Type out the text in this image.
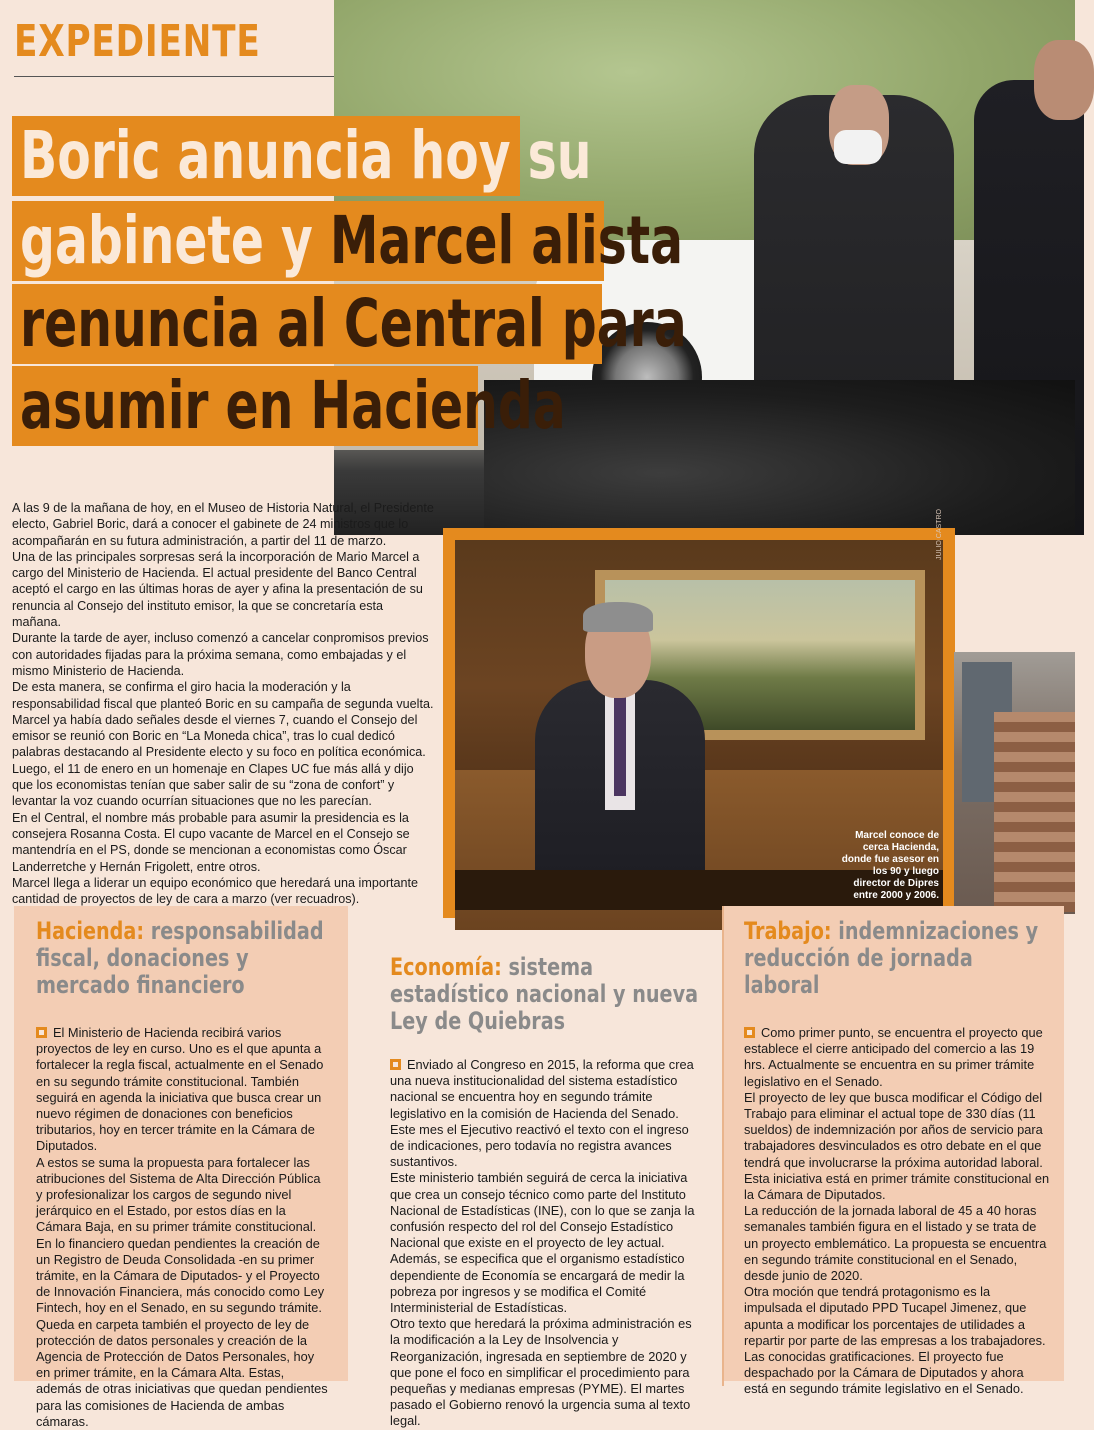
EXPEDIENTE
Boric anuncia hoy su
gabinete y Marcel alista
renuncia al Central para
asumir en Hacienda

A las 9 de la mañana de hoy, en el Museo de Historia Natural, el Presidente electo, Gabriel Boric, dará a conocer el gabinete de 24 ministros que lo acompañarán en su futura administración, a partir del 11 de marzo.

Una de las principales sorpresas será la incorporación de Mario Marcel a cargo del Ministerio de Hacienda. El actual presidente del Banco Central aceptó el cargo en las últimas horas de ayer y afina la presentación de su renuncia al Consejo del instituto emisor, la que se concretaría esta mañana.

Durante la tarde de ayer, incluso comenzó a cancelar conpromisos previos con autoridades fijadas para la próxima semana, como embajadas y el mismo Ministerio de Hacienda.

De esta manera, se confirma el giro hacia la moderación y la responsabilidad fiscal que planteó Boric en su campaña de segunda vuelta.

Marcel ya había dado señales desde el viernes 7, cuando el Consejo del emisor se reunió con Boric en “La Moneda chica”, tras lo cual dedicó palabras destacando al Presidente electo y su foco en política económica.

Luego, el 11 de enero en un homenaje en Clapes UC fue más allá y dijo que los economistas tenían que saber salir de su “zona de confort” y levantar la voz cuando ocurrían situaciones que no les parecían.

En el Central, el nombre más probable para asumir la presidencia es la consejera Rosanna Costa. El cupo vacante de Marcel en el Consejo se mantendría en el PS, donde se mencionan a economistas como Óscar Landerretche y Hernán Frigolett, entre otros.

Marcel llega a liderar un equipo económico que heredará una importante cantidad de proyectos de ley de cara a marzo (ver recuadros).

Marcel conoce de cerca Hacienda, donde fue asesor en los 90 y luego director de Dipres entre 2000 y 2006.
JULIO CASTRO
Hacienda: responsabilidad fiscal, donaciones y mercado financiero

El Ministerio de Hacienda recibirá varios proyectos de ley en curso. Uno es el que apunta a fortalecer la regla fiscal, actualmente en el Senado en su segundo trámite constitucional. También seguirá en agenda la iniciativa que busca crear un nuevo régimen de donaciones con beneficios tributarios, hoy en tercer trámite en la Cámara de Diputados.

A estos se suma la propuesta para fortalecer las atribuciones del Sistema de Alta Dirección Pública y profesionalizar los cargos de segundo nivel jerárquico en el Estado, por estos días en la Cámara Baja, en su primer trámite constitucional.

En lo financiero quedan pendientes la creación de un Registro de Deuda Consolidada -en su primer trámite, en la Cámara de Diputados- y el Proyecto de Innovación Financiera, más conocido como Ley Fintech, hoy en el Senado, en su segundo trámite.

Queda en carpeta también el proyecto de ley de protección de datos personales y creación de la Agencia de Protección de Datos Personales, hoy en primer trámite, en la Cámara Alta. Estas, además de otras iniciativas que quedan pendientes para las comisiones de Hacienda de ambas cámaras.

Economía: sistema estadístico nacional y nueva Ley de Quiebras

Enviado al Congreso en 2015, la reforma que crea una nueva institucionalidad del sistema estadístico nacional se encuentra hoy en segundo trámite legislativo en la comisión de Hacienda del Senado. Este mes el Ejecutivo reactivó el texto con el ingreso de indicaciones, pero todavía no registra avances sustantivos.

Este ministerio también seguirá de cerca la iniciativa que crea un consejo técnico como parte del Instituto Nacional de Estadísticas (INE), con lo que se zanja la confusión respecto del rol del Consejo Estadístico Nacional que existe en el proyecto de ley actual. Además, se especifica que el organismo estadístico dependiente de Economía se encargará de medir la pobreza por ingresos y se modifica el Comité Interministerial de Estadísticas.

Otro texto que heredará la próxima administración es la modificación a la Ley de Insolvencia y Reorganización, ingresada en septiembre de 2020 y que pone el foco en simplificar el procedimiento para pequeñas y medianas empresas (PYME). El martes pasado el Gobierno renovó la urgencia suma al texto legal.

Trabajo: indemnizaciones y reducción de jornada laboral

Como primer punto, se encuentra el proyecto que establece el cierre anticipado del comercio a las 19 hrs. Actualmente se encuentra en su primer trámite legislativo en el Senado.

El proyecto de ley que busca modificar el Código del Trabajo para eliminar el actual tope de 330 días (11 sueldos) de indemnización por años de servicio para trabajadores desvinculados es otro debate en el que tendrá que involucrarse la próxima autoridad laboral. Esta iniciativa está en primer trámite constitucional en la Cámara de Diputados.

La reducción de la jornada laboral de 45 a 40 horas semanales también figura en el listado y se trata de un proyecto emblemático. La propuesta se encuentra en segundo trámite constitucional en el Senado, desde junio de 2020.

Otra moción que tendrá protagonismo es la impulsada el diputado PPD Tucapel Jimenez, que apunta a modificar los porcentajes de utilidades a repartir por parte de las empresas a los trabajadores. Las conocidas gratificaciones. El proyecto fue despachado por la Cámara de Diputados y ahora está en segundo trámite legislativo en el Senado.
